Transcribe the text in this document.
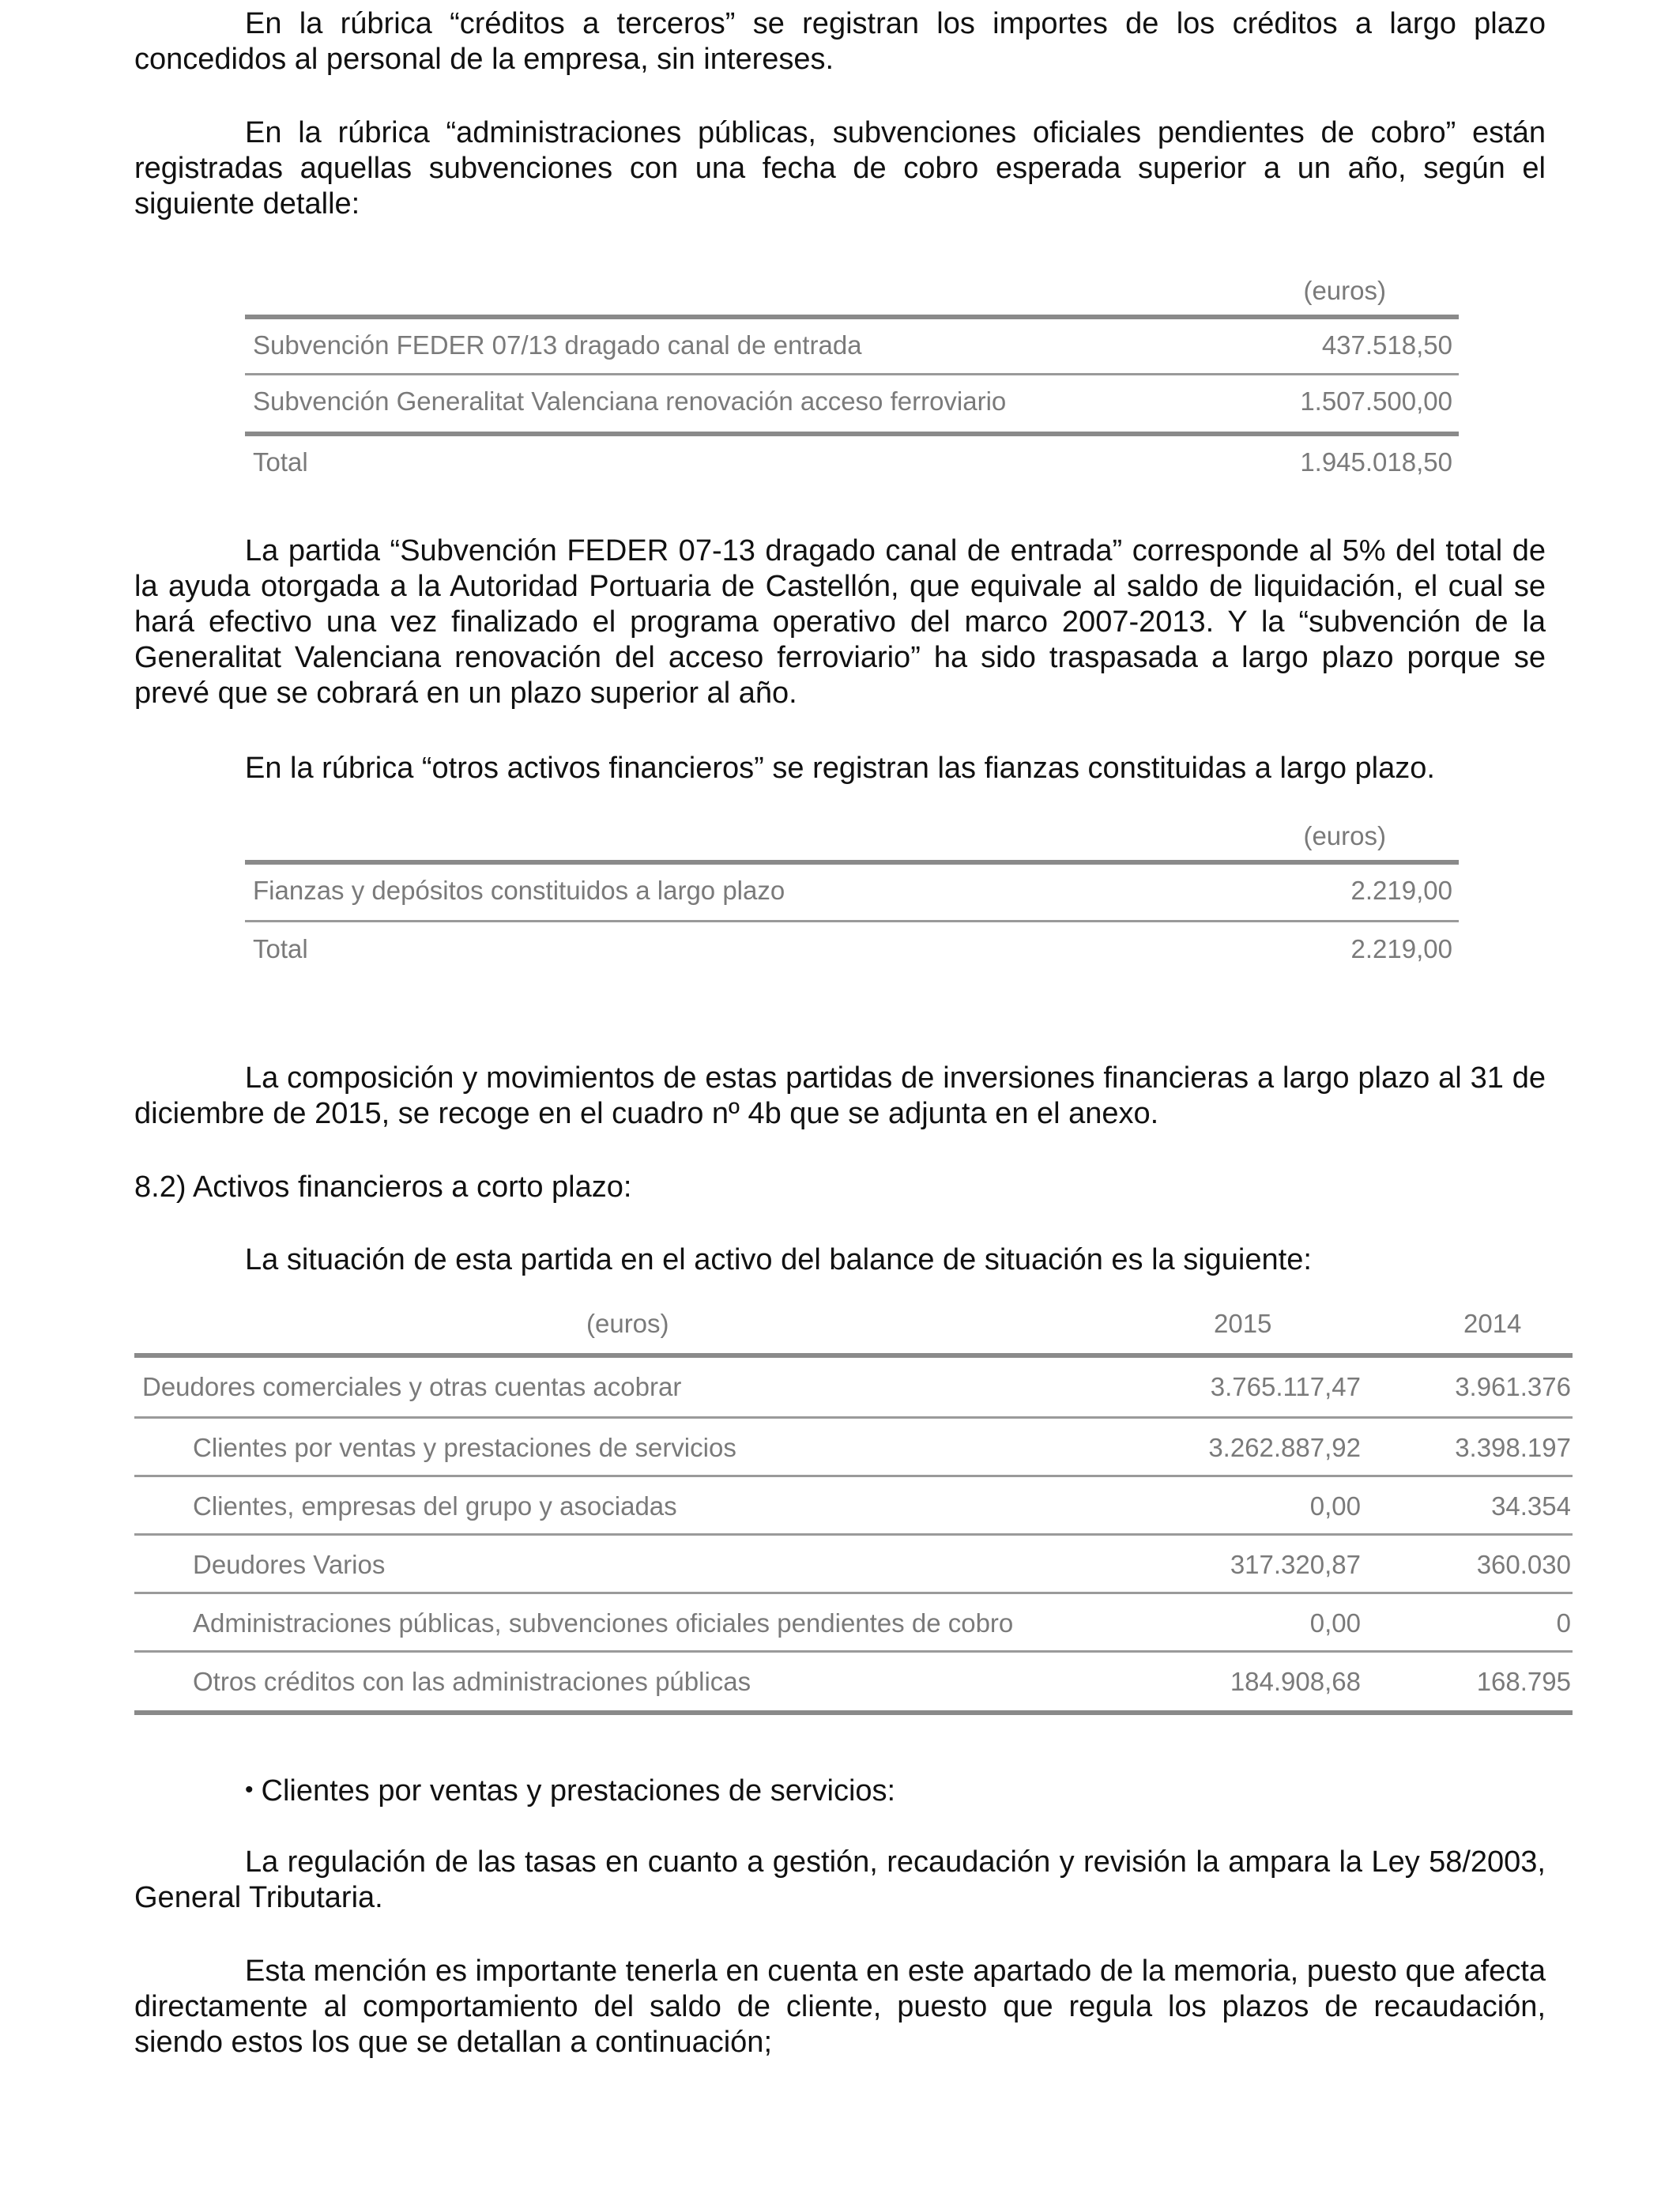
En la rúbrica “créditos a terceros” se registran los importes de los créditos a largo plazo concedidos al personal de la empresa, sin intereses.

En la rúbrica “administraciones públicas, subvenciones oficiales pendientes de cobro” están registradas aquellas subvenciones con una fecha de cobro esperada superior a un año, según el siguiente detalle:

(euros)
Subvención FEDER 07/13 dragado canal de entrada	437.518,50
Subvención Generalitat Valenciana renovación acceso ferroviario	1.507.500,00
Total	1.945.018,50

La partida “Subvención FEDER 07-13 dragado canal de entrada” corresponde al 5% del total de la ayuda otorgada a la Autoridad Portuaria de Castellón, que equivale al saldo de liquidación, el cual se hará efectivo una vez finalizado el programa operativo del marco 2007-2013. Y la “subvención de la Generalitat Valenciana renovación del acceso ferroviario” ha sido traspasada a largo plazo porque se prevé que se cobrará en un plazo superior al año.

En la rúbrica “otros activos financieros” se registran las fianzas constituidas a largo plazo.

(euros)
Fianzas y depósitos constituidos a largo plazo	2.219,00
Total	2.219,00

La composición y movimientos de estas partidas de inversiones financieras a largo plazo al 31 de diciembre de 2015, se recoge en el cuadro nº 4b que se adjunta en el anexo.

8.2) Activos financieros a corto plazo:

La situación de esta partida en el activo del balance de situación es la siguiente:

(euros)	2015	2014
Deudores comerciales y otras cuentas acobrar	3.765.117,47	3.961.376
Clientes por ventas y prestaciones de servicios	3.262.887,92	3.398.197
Clientes, empresas del grupo y asociadas	0,00	34.354
Deudores Varios	317.320,87	360.030
Administraciones públicas, subvenciones oficiales pendientes de cobro	0,00	0
Otros créditos con las administraciones públicas	184.908,68	168.795

• Clientes por ventas y prestaciones de servicios:

La regulación de las tasas en cuanto a gestión, recaudación y revisión la ampara la Ley 58/2003, General Tributaria.

Esta mención es importante tenerla en cuenta en este apartado de la memoria, puesto que afecta directamente al comportamiento del saldo de cliente, puesto que regula los plazos de recaudación, siendo estos los que se detallan a continuación;
